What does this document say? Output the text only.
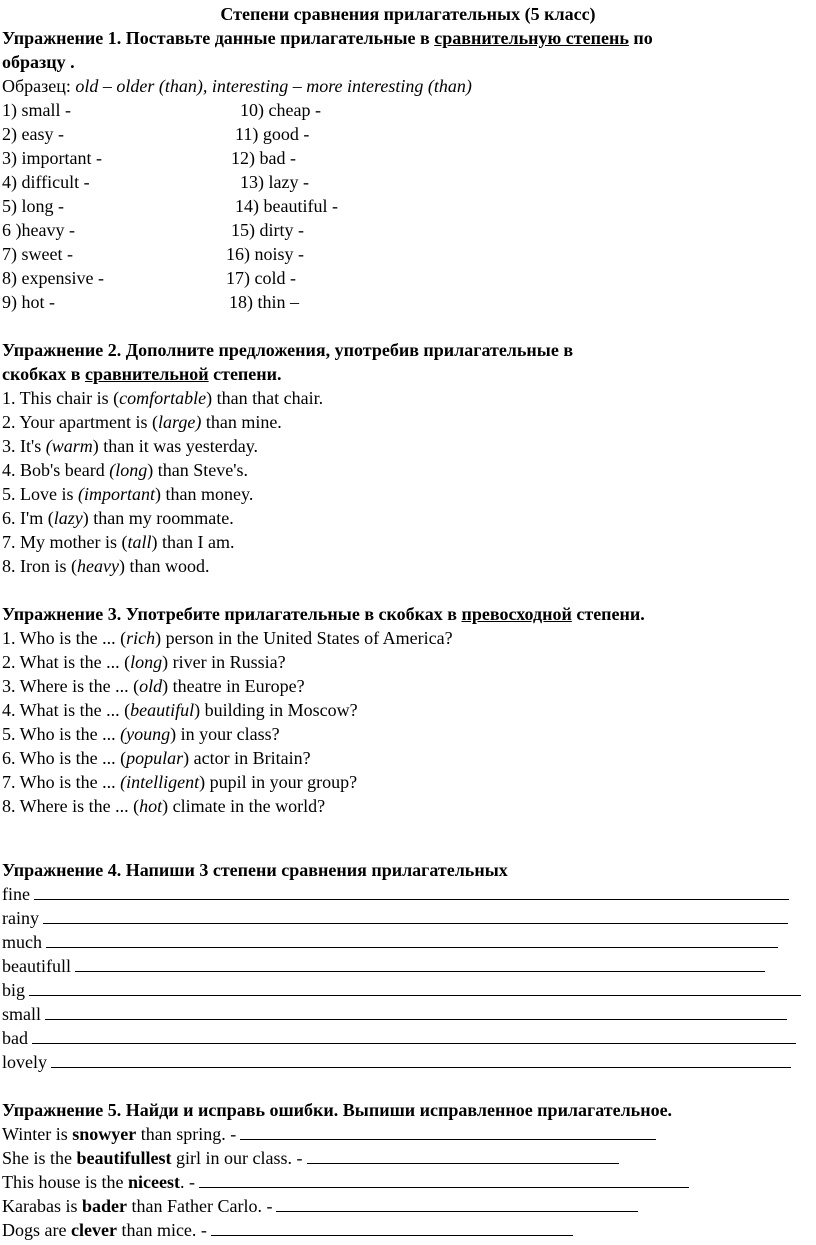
Степени сравнения прилагательных (5 класс)
Упражнение 1. Поставьте данные прилагательные в сравнительную степень по
образцу .
Образец: old – older (than), interesting – more interesting (than)
1) small -
2) easy -
3) important -
4) difficult -
5) long -
6 )heavy -
7) sweet -
8) expensive -
9) hot -
10) cheap -
11) good -
12) bad -
13) lazy -
14) beautiful -
15) dirty -
16) noisy -
17) cold -
18) thin –
Упражнение 2. Дополните предложения, употребив прилагательные в
скобках в сравнительной степени.
1. This chair is (comfortable) than that chair.
2. Your apartment is (large) than mine.
3. It's (warm) than it was yesterday.
4. Bob's beard (long) than Steve's.
5. Love is (important) than money.
6. I'm (lazy) than my roommate.
7. My mother is (tall) than I am.
8. Iron is (heavy) than wood.
Упражнение 3. Употребите прилагательные в скобках в превосходной степени.
1. Who is the ... (rich) person in the United States of America?
2. What is the ... (long) river in Russia?
3. Where is the ... (old) theatre in Europe?
4. What is the ... (beautiful) building in Moscow?
5. Who is the ... (young) in your class?
6. Who is the ... (popular) actor in Britain?
7. Who is the ... (intelligent) pupil in your group?
8. Where is the ... (hot) climate in the world?
Упражнение 4. Напиши 3 степени сравнения прилагательных
fine
rainy
much
beautifull
big
small
bad
lovely
Упражнение 5. Найди и исправь ошибки. Выпиши исправленное прилагательное.
Winter is snowyer than spring. -
She is the beautifullest girl in our class. -
This house is the niceest. -
Karabas is bader than Father Carlo. -
Dogs are clever than mice. -
